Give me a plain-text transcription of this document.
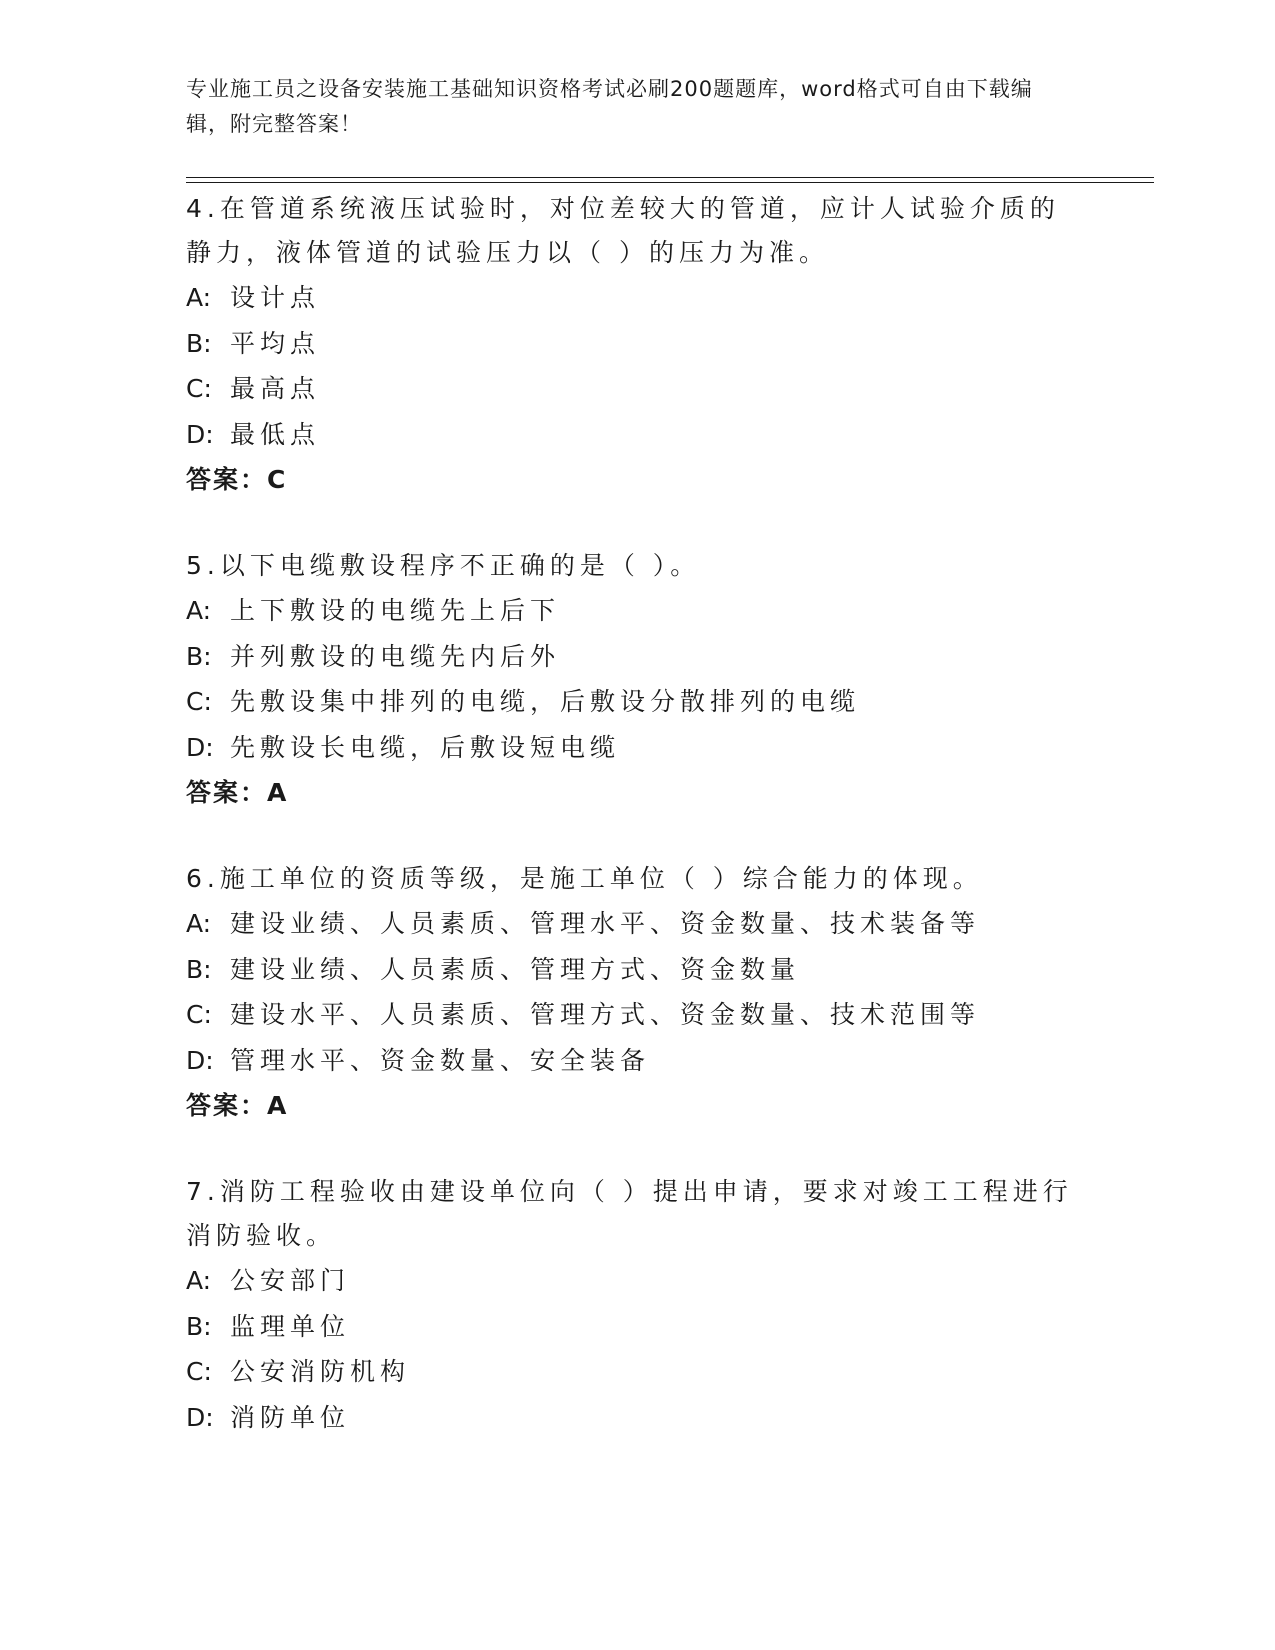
专业施工员之设备安装施工基础知识资格考试必刷200题题库，word格式可自由下载编辑，附完整答案！
4.在管道系统液压试验时，对位差较大的管道，应计人试验介质的静力，液体管道的试验压力以（ ）的压力为准。
A: 设计点
B: 平均点
C: 最高点
D: 最低点
答案：C
5.以下电缆敷设程序不正确的是（ ）。
A: 上下敷设的电缆先上后下
B: 并列敷设的电缆先内后外
C: 先敷设集中排列的电缆，后敷设分散排列的电缆
D: 先敷设长电缆，后敷设短电缆
答案：A
6.施工单位的资质等级，是施工单位（ ）综合能力的体现。
A: 建设业绩、人员素质、管理水平、资金数量、技术装备等
B: 建设业绩、人员素质、管理方式、资金数量
C: 建设水平、人员素质、管理方式、资金数量、技术范围等
D: 管理水平、资金数量、安全装备
答案：A
7.消防工程验收由建设单位向（ ）提出申请，要求对竣工工程进行消防验收。
A: 公安部门
B: 监理单位
C: 公安消防机构
D: 消防单位
